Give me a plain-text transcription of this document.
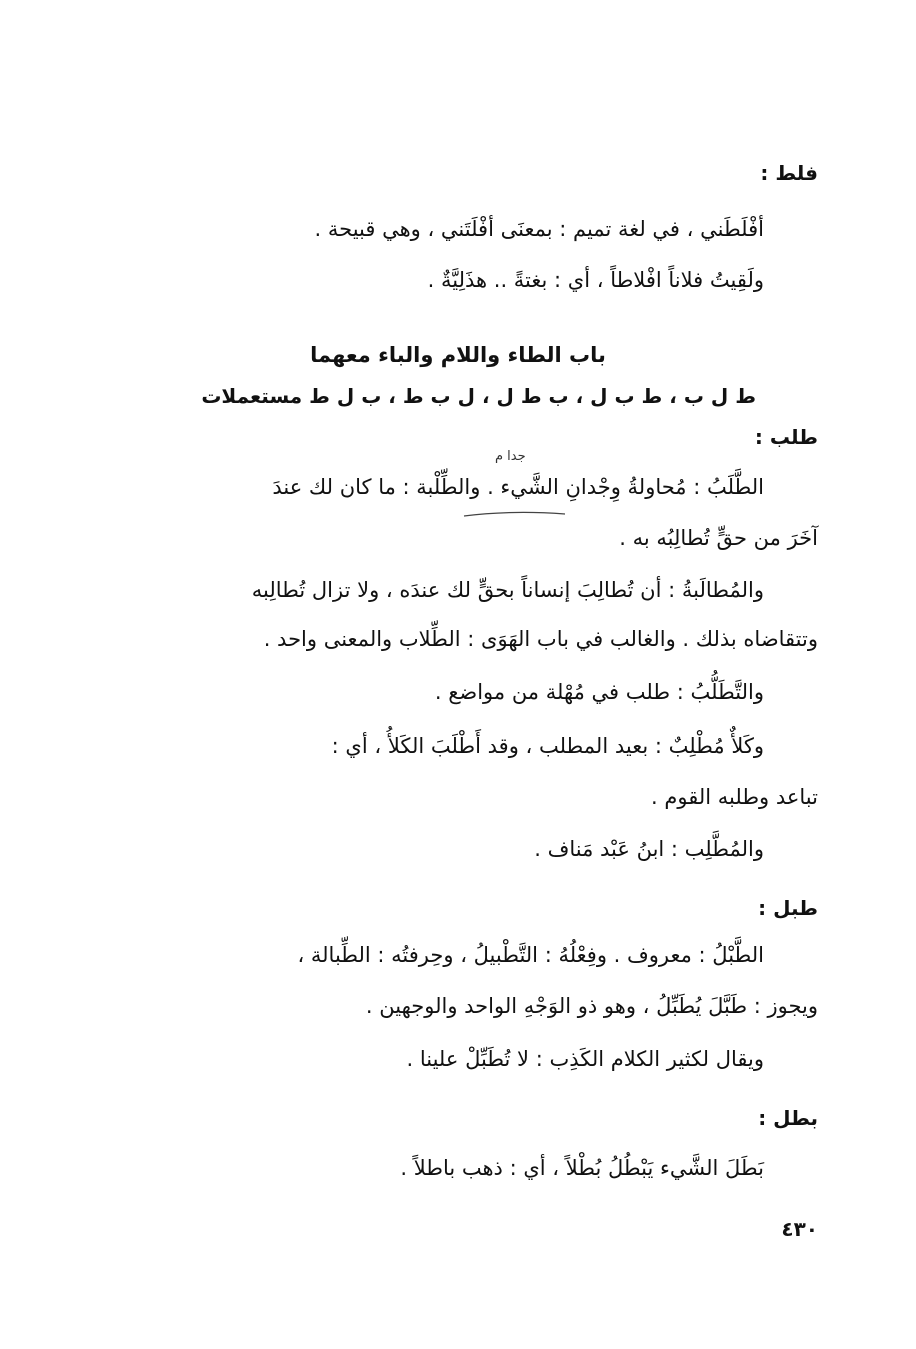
فلط :
أفْلَطَني ، في لغة تميم : بمعنَى أفْلَتَني ، وهي قبيحة .
ولَقِيتُ فلاناً افْلاطاً ، أي : بغتةً .. هذَلِيَّةٌ .
باب الطاء واللام والباء معهما
ط ل ب ، ط ب ل ، ب ط ل ، ل ب ط ، ب ل ط مستعملات
طلب :
الطَّلَبُ : مُحاولةُ وِجْدانِ الشَّيء . والطِّلْبة : ما كان لك عندَ
آخَرَ من حقٍّ تُطالِبُه به .
والمُطالَبةُ : أن تُطالِبَ إنساناً بحقٍّ لك عندَه ، ولا تزال تُطالِبه
وتتقاضاه بذلك . والغالب في باب الهَوَى : الطِّلاب والمعنى واحد .
والتَّطَلُّبُ : طلب في مُهْلة من مواضع .
وكَلأٌ مُطْلِبٌ : بعيد المطلب ، وقد أَطْلَبَ الكَلأُ ، أي :
تباعد وطلبه القوم .
والمُطَّلِب : ابنُ عَبْد مَناف .
طبل :
الطَّبْلُ : معروف . وفِعْلُهُ : التَّطْبيلُ ، وحِرفتُه : الطِّبالة ،
ويجوز : طَبَّلَ يُطَبِّلُ ، وهو ذو الوَجْهِ الواحد والوجهين .
ويقال لكثير الكلام الكَذِب : لا تُطَبِّلْ علينا .
بطل :
بَطَلَ الشَّيء يَبْطُلُ بُطْلاً ، أي : ذهب باطلاً .
٤٣٠
جدا م
